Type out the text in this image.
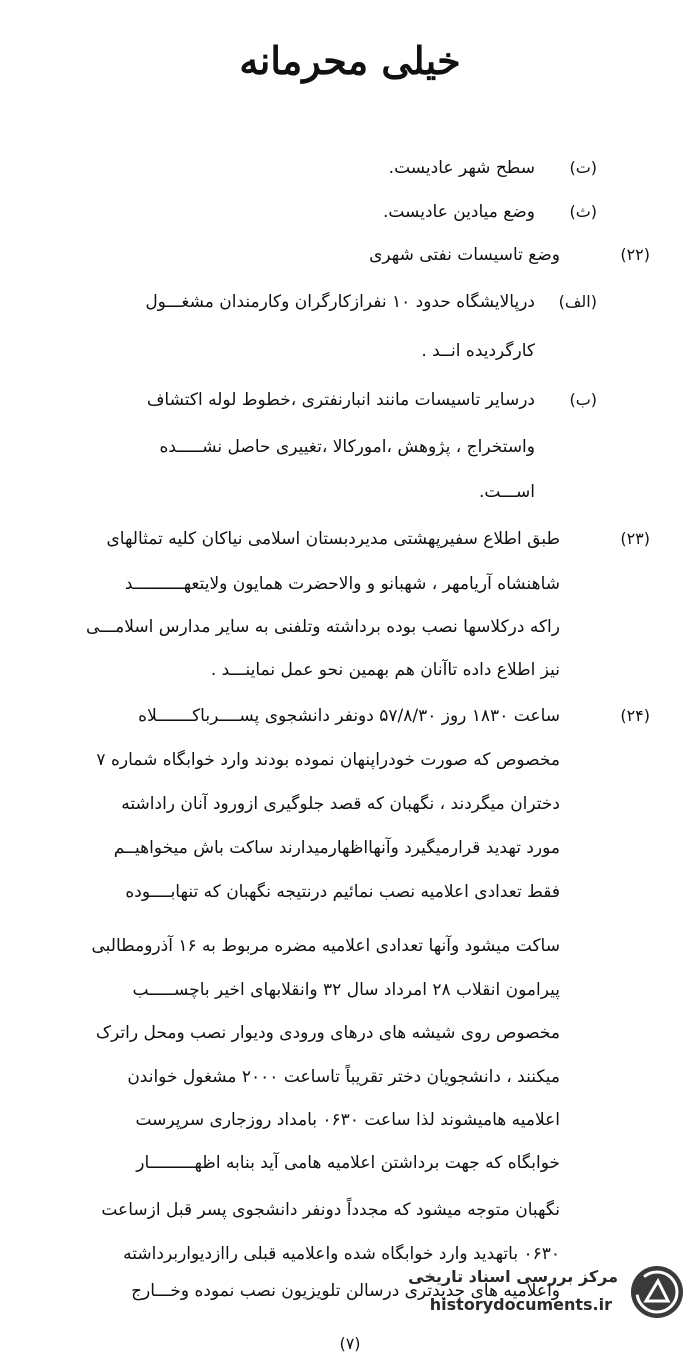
خیلی محرمانه
(ت)
سطح شهر عادیست.
(ث)
وضع میادین عادیست.
(۲۲)
وضع تاسیسات نفتی شهری
(الف)
درپالایشگاه حدود ۱۰ نفرازکارگران وکارمندان مشغـــول
کارگردیده انــد .
(ب)
درسایر تاسیسات مانند انبارنفتری ،خطوط لوله اکتشاف
واستخراج ، پژوهش ،امورکالا ،تغییری حاصل نشـــــده
اســـت.
(۲۳)
طبق اطلاع سفیرپهشتی مدیردبستان اسلامی نیاکان کلیه تمثالهای
شاهنشاه آریامهر ، شهبانو و والاحضرت همایون ولایتعهــــــــــد
راکه درکلاسها نصب بوده برداشته وتلفنی به سایر مدارس اسلامـــی
نیز اطلاع داده تاآنان هم بهمین نحو عمل نماینـــد .
(۲۴)
ساعت ۱۸۳۰ روز ۵۷/۸/۳۰ دونفر دانشجوی پســــرباکـــــــلاه
مخصوص که صورت خودراپنهان نموده بودند وارد خوابگاه شماره ۷
دختران میگردند ، نگهبان که قصد جلوگیری ازورود آنان راداشته
مورد تهدید قرارمیگیرد وآنهااظهارمیدارند ساکت باش میخواهیــم
فقط تعدادی اعلامیه نصب نمائیم درنتیجه نگهبان که تنهابــــوده
ساکت میشود وآنها تعدادی اعلامیه مضره مربوط به ۱۶ آذرومطالبی
پیرامون انقلاب ۲۸ امرداد سال ۳۲ وانقلابهای اخیر باچســـــب
مخصوص روی شیشه های درهای ورودی ودیوار نصب ومحل راترک
میکنند ، دانشجویان دختر تقریباً تاساعت ۲۰۰۰ مشغول خواندن
اعلامیه هامیشوند لذا ساعت ۰۶۳۰ بامداد روزجاری سرپرست
خوابگاه که جهت برداشتن اعلامیه هامی آید بنابه اظهـــــــــار
نگهبان متوجه میشود که مجدداً دونفر دانشجوی پسر قبل ازساعت
۰۶۳۰ باتهدید وارد خوابگاه شده واعلامیه قبلی راازدیواربرداشته
واعلامیه های جدیدتری درسالن تلویزیون نصب نموده وخـــارج
(۷)
مرکز بررسی اسناد تاریخی
historydocuments.ir
